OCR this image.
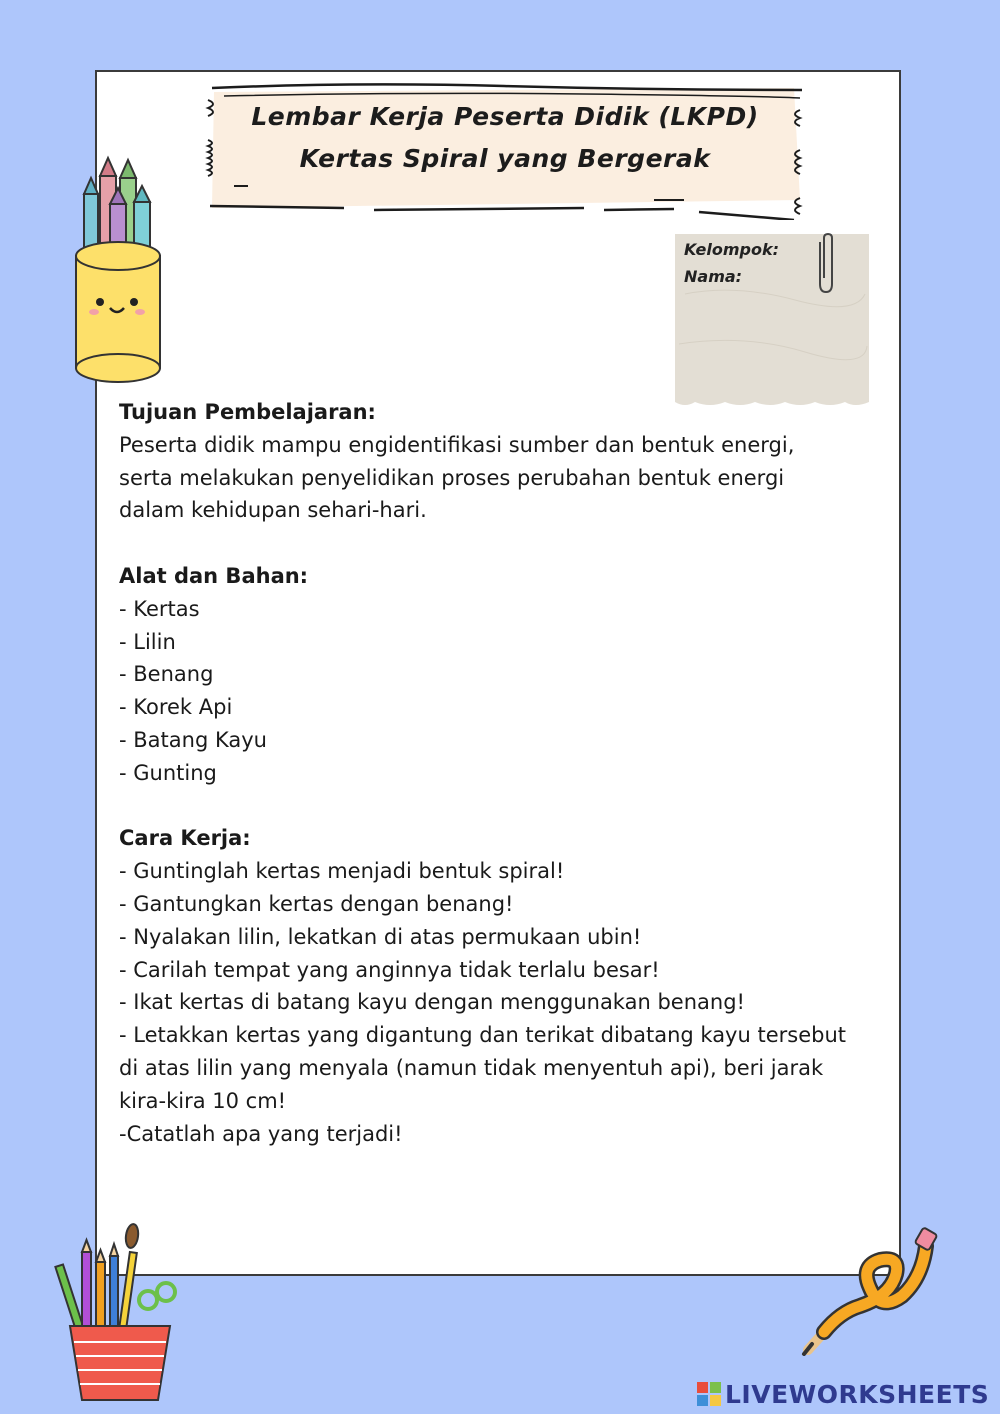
Lembar Kerja Peserta Didik (LKPD)
Kertas Spiral yang Bergerak
Kelompok:
Nama:
Tujuan Pembelajaran:
Peserta didik mampu engidentifikasi sumber dan bentuk energi,
serta melakukan penyelidikan proses perubahan bentuk energi
dalam kehidupan sehari-hari.
Alat dan Bahan:
- Kertas
- Lilin
- Benang
- Korek Api
- Batang Kayu
- Gunting
Cara Kerja:
- Guntinglah kertas menjadi bentuk spiral!
- Gantungkan kertas dengan benang!
- Nyalakan lilin, lekatkan di atas permukaan ubin!
- Carilah tempat yang anginnya tidak terlalu besar!
- Ikat kertas di batang kayu dengan menggunakan benang!
- Letakkan kertas yang digantung dan terikat dibatang kayu tersebut
di atas lilin yang menyala (namun tidak menyentuh api), beri jarak
kira-kira 10 cm!
-Catatlah apa yang terjadi!
LIVEWORKSHEETS
